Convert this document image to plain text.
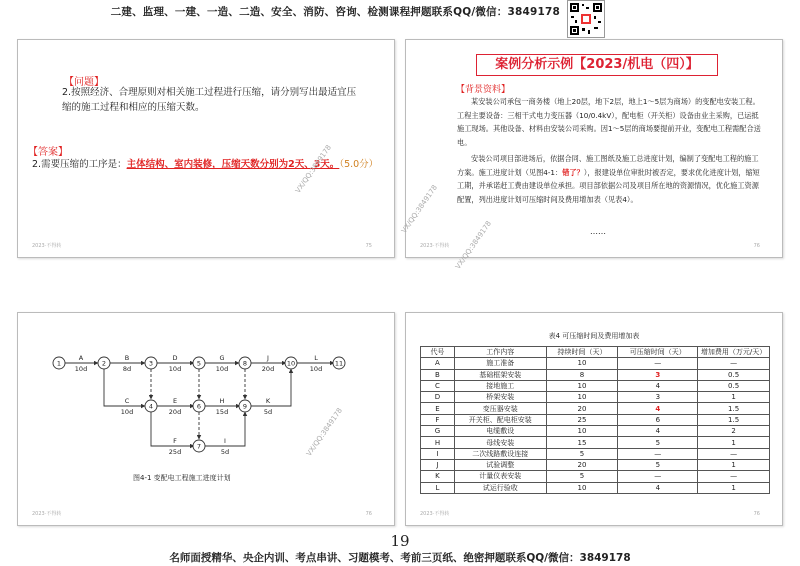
二建、监理、一建、一造、二造、安全、消防、咨询、检测课程押题联系QQ/微信：3849178
【问题】
2.按照经济、合理原则对相关施工过程进行压缩，请分别写出最适宜压缩的施工过程和相应的压缩天数。
【答案】
2.需要压缩的工序是：主体结构、室内装修，压缩天数分别为2天、3天。（5.0分）
VX/QQ:3849178
2023·不得转	75
案例分析示例【2023/机电（四）】
【背景资料】
某安装公司承包一商务楼（地上20层，地下2层，地上1～5层为商场）的变配电安装工程。工程主要设备：三相干式电力变压器（10/0.4kV），配电柜（开关柜）设备由业主采购，已运抵施工现场。其他设备、材料由安装公司采购。因1～5层的商场要提前开业，变配电工程需配合送电。
安装公司项目部进场后，依据合同、施工图纸及施工总进度计划，编制了变配电工程的施工方案。施工进度计划（见图4-1：错了？），报建设单位审批时被否定，要求优化进度计划，缩短工期，并承诺赶工费由建设单位承担。项目部依据公司及项目所在地的资源情况，优化施工资源配置，列出进度计划可压缩时间及费用增加表（见表4）。
……
VX/QQ:3849178
VX/QQ:3849178
2023·不得转	76
A
10d
B
8d
C
10d
D
10d
E
20d
F
25d
G
10d
H
15d
I
5d
J
20d
K
5d
L
10d
1	2	3
4
5
6
7
8
9
10	11
图4-1 变配电工程施工进度计划
VX/QQ:3849178
2023·不得转	76
表4 可压缩时间及费用增加表
代号	工作内容	持续时间（天）	可压缩时间（天）	增加费用（万元/天）
A	施工准备	10	—	—
B	基础框架安装	8	3	0.5
C	接地施工	10	4	0.5
D	桥架安装	10	3	1
E	变压器安装	20	4	1.5
F	开关柜、配电柜安装	25	6	1.5
G	电缆敷设	10	4	2
H	母线安装	15	5	1
I	二次线路敷设连接	5	—	—
J	试验调整	20	5	1
K	计量仪表安装	5	—	—
L	试运行验收	10	4	1
2023·不得转	76
19
名师面授精华、央企内训、考点串讲、习题模考、考前三页纸、绝密押题联系QQ/微信：3849178
